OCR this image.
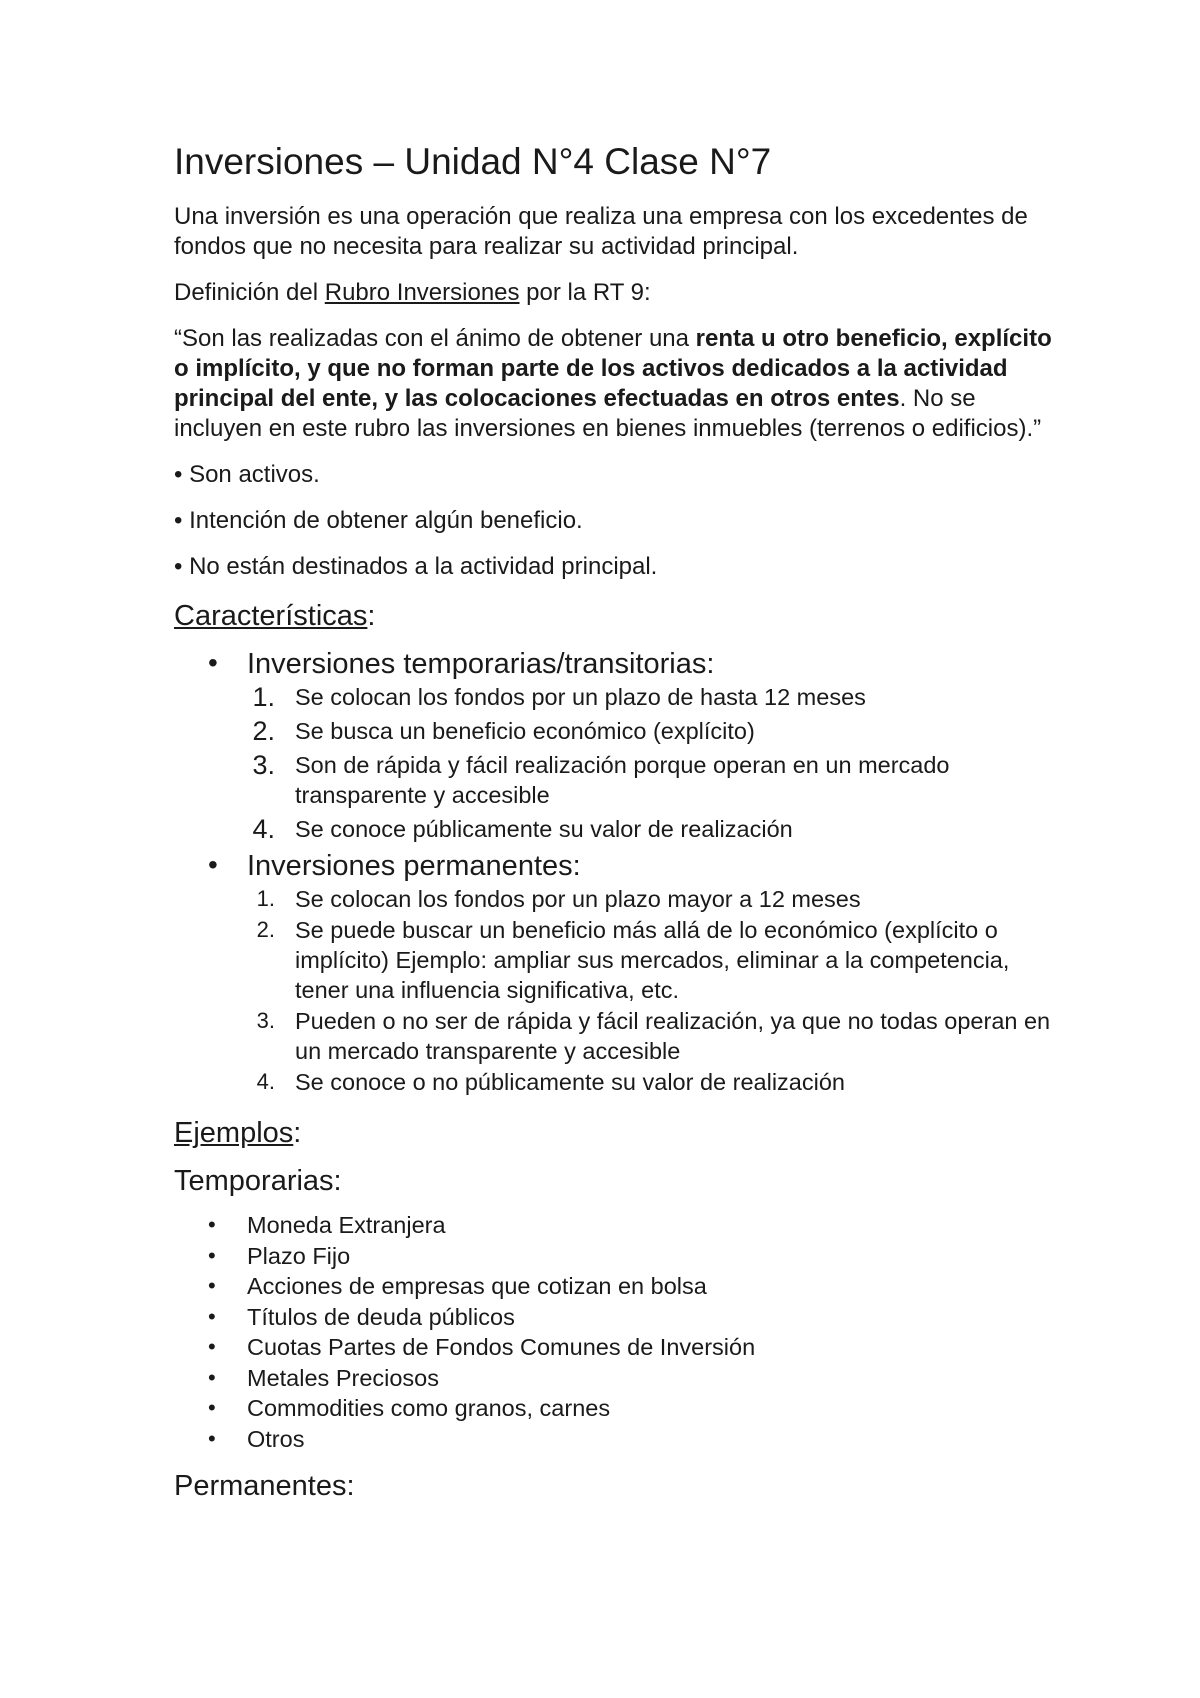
Inversiones – Unidad N°4 Clase N°7

Una inversión es una operación que realiza una empresa con los excedentes de fondos que no necesita para realizar su actividad principal.

Definición del Rubro Inversiones por la RT 9:

“Son las realizadas con el ánimo de obtener una renta u otro beneficio, explícito o implícito, y que no forman parte de los activos dedicados a la actividad principal del ente, y las colocaciones efectuadas en otros entes. No se incluyen en este rubro las inversiones en bienes inmuebles (terrenos o edificios).”

• Son activos.

• Intención de obtener algún beneficio.

• No están destinados a la actividad principal.

Características:
• Inversiones temporarias/transitorias:
1. Se colocan los fondos por un plazo de hasta 12 meses
2. Se busca un beneficio económico (explícito)
3. Son de rápida y fácil realización porque operan en un mercado transparente y accesible
4. Se conoce públicamente su valor de realización
• Inversiones permanentes:
1. Se colocan los fondos por un plazo mayor a 12 meses
2. Se puede buscar un beneficio más allá de lo económico (explícito o implícito) Ejemplo: ampliar sus mercados, eliminar a la competencia, tener una influencia significativa, etc.
3. Pueden o no ser de rápida y fácil realización, ya que no todas operan en un mercado transparente y accesible
4. Se conoce o no públicamente su valor de realización
Ejemplos:
Temporarias:
• Moneda Extranjera
• Plazo Fijo
• Acciones de empresas que cotizan en bolsa
• Títulos de deuda públicos
• Cuotas Partes de Fondos Comunes de Inversión
• Metales Preciosos
• Commodities como granos, carnes
• Otros
Permanentes:
